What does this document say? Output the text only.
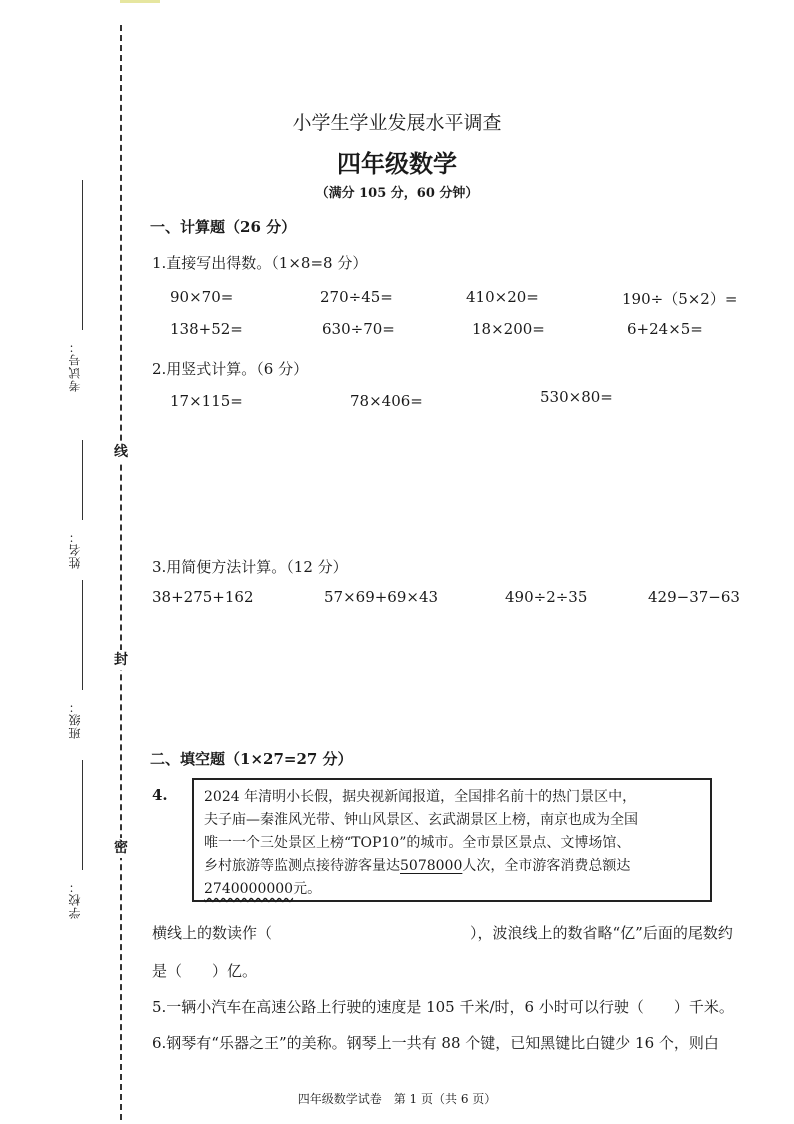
线
封
密
考试号：
姓名：
班级：
学校：
小学生学业发展水平调查
四年级数学
（满分 105 分，60 分钟）
一、计算题（26 分）
1.直接写出得数。（1×8=8 分）
90×70=	270÷45=	410×20=	190÷（5×2）=
138+52=	630÷70=	18×200=	6+24×5=
2.用竖式计算。（6 分）
17×115=	78×406=	530×80=
3.用简便方法计算。（12 分）
38+275+162	57×69+69×43	490÷2÷35	429−37−63
二、填空题（1×27=27 分）
4.	2024 年清明小长假，据央视新闻报道，全国排名前十的热门景区中，
夫子庙—秦淮风光带、钟山风景区、玄武湖景区上榜，南京也成为全国
唯一一个三处景区上榜“TOP10”的城市。全市景区景点、文博场馆、
乡村旅游等监测点接待游客量达5078000人次，全市游客消费总额达
2740000000元。
横线上的数读作（	），波浪线上的数省略“亿”后面的尾数约
是（　　）亿。
5.一辆小汽车在高速公路上行驶的速度是 105 千米/时，6 小时可以行驶（　　）千米。
6.钢琴有“乐器之王”的美称。钢琴上一共有 88 个键，已知黑键比白键少 16 个，则白
四年级数学试卷　第 1 页（共 6 页）
